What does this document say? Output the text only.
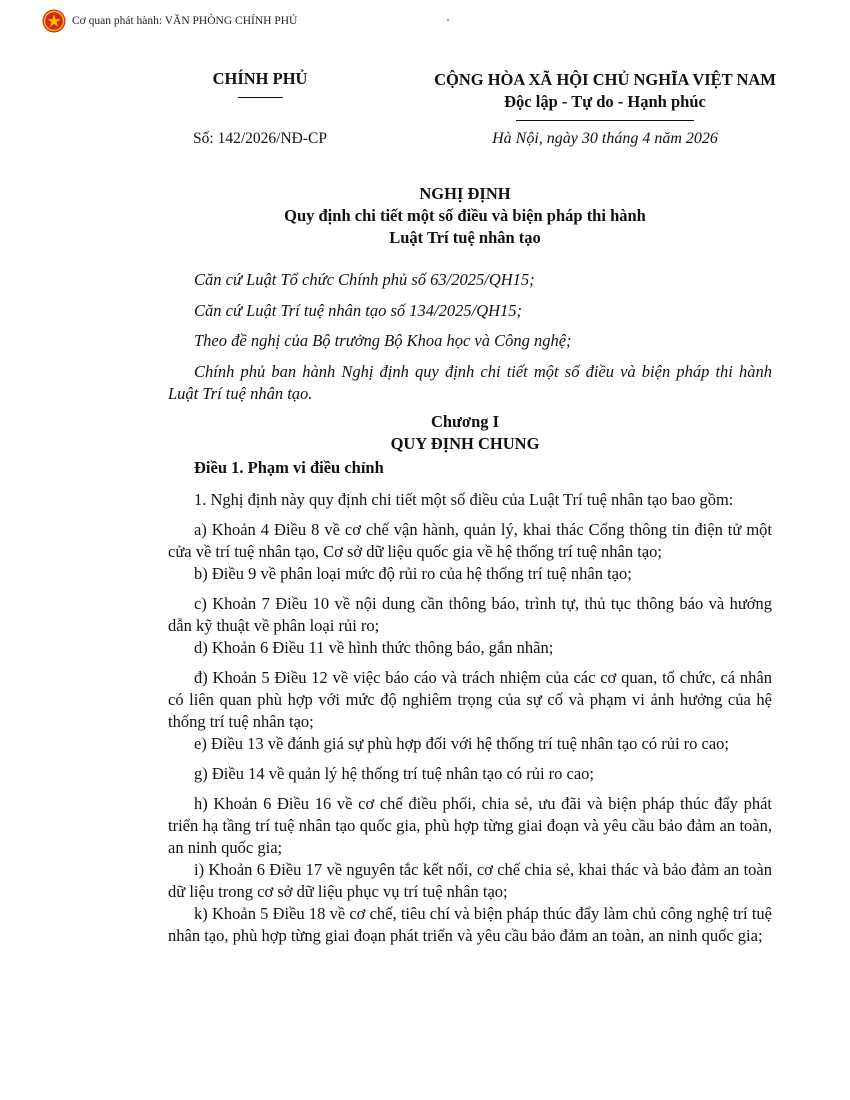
Cơ quan phát hành: VĂN PHÒNG CHÍNH PHỦ
CHÍNH PHỦ	CỘNG HÒA XÃ HỘI CHỦ NGHĨA VIỆT NAM
Độc lập - Tự do - Hạnh phúc
Số: 142/2026/NĐ-CP	Hà Nội, ngày 30 tháng 4 năm 2026
NGHỊ ĐỊNH
Quy định chi tiết một số điều và biện pháp thi hành
Luật Trí tuệ nhân tạo
Căn cứ Luật Tổ chức Chính phủ số 63/2025/QH15;
Căn cứ Luật Trí tuệ nhân tạo số 134/2025/QH15;
Theo đề nghị của Bộ trưởng Bộ Khoa học và Công nghệ;
Chính phủ ban hành Nghị định quy định chi tiết một số điều và biện pháp thi hành Luật Trí tuệ nhân tạo.
Chương I
QUY ĐỊNH CHUNG
Điều 1. Phạm vi điều chỉnh
1. Nghị định này quy định chi tiết một số điều của Luật Trí tuệ nhân tạo bao gồm:
a) Khoản 4 Điều 8 về cơ chế vận hành, quản lý, khai thác Cổng thông tin điện tử một cửa về trí tuệ nhân tạo, Cơ sở dữ liệu quốc gia về hệ thống trí tuệ nhân tạo;
b) Điều 9 về phân loại mức độ rủi ro của hệ thống trí tuệ nhân tạo;
c) Khoản 7 Điều 10 về nội dung cần thông báo, trình tự, thủ tục thông báo và hướng dẫn kỹ thuật về phân loại rủi ro;
d) Khoản 6 Điều 11 về hình thức thông báo, gắn nhãn;
đ) Khoản 5 Điều 12 về việc báo cáo và trách nhiệm của các cơ quan, tổ chức, cá nhân có liên quan phù hợp với mức độ nghiêm trọng của sự cố và phạm vi ảnh hưởng của hệ thống trí tuệ nhân tạo;
e) Điều 13 về đánh giá sự phù hợp đối với hệ thống trí tuệ nhân tạo có rủi ro cao;
g) Điều 14 về quản lý hệ thống trí tuệ nhân tạo có rủi ro cao;
h) Khoản 6 Điều 16 về cơ chế điều phối, chia sẻ, ưu đãi và biện pháp thúc đẩy phát triển hạ tầng trí tuệ nhân tạo quốc gia, phù hợp từng giai đoạn và yêu cầu bảo đảm an toàn, an ninh quốc gia;
i) Khoản 6 Điều 17 về nguyên tắc kết nối, cơ chế chia sẻ, khai thác và bảo đảm an toàn dữ liệu trong cơ sở dữ liệu phục vụ trí tuệ nhân tạo;
k) Khoản 5 Điều 18 về cơ chế, tiêu chí và biện pháp thúc đẩy làm chủ công nghệ trí tuệ nhân tạo, phù hợp từng giai đoạn phát triển và yêu cầu bảo đảm an toàn, an ninh quốc gia;
